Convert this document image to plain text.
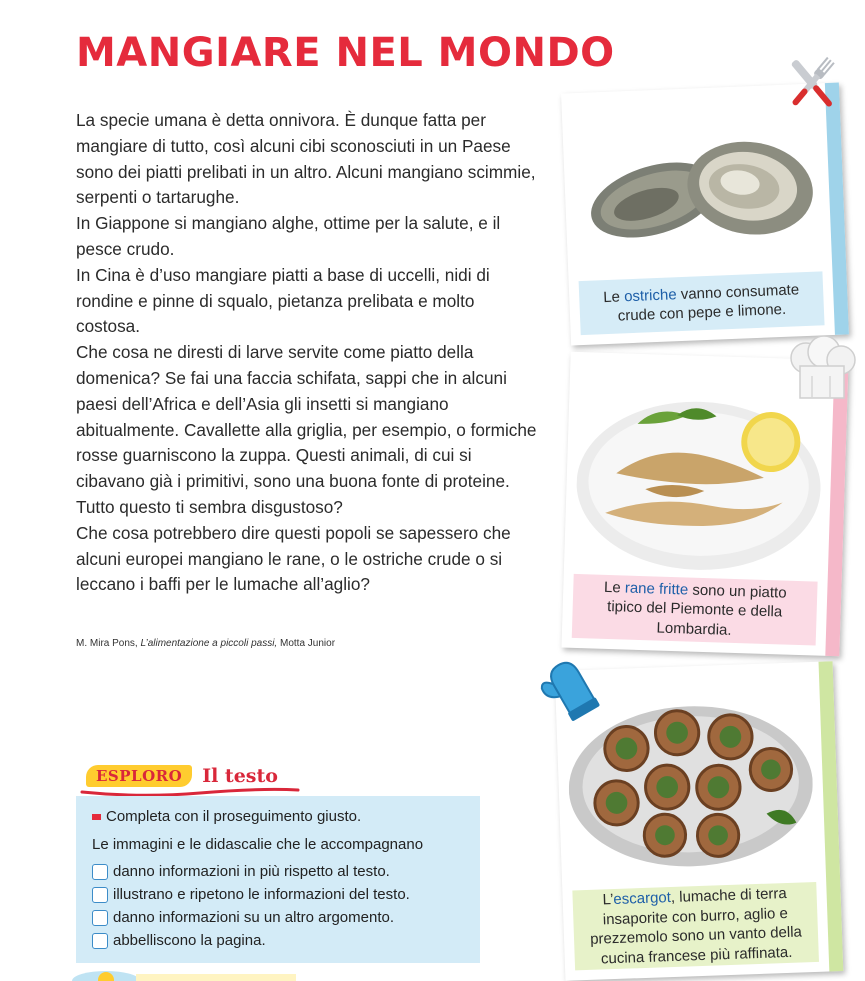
MANGIARE NEL MONDO

La specie umana è detta onnivora. È dunque fatta per mangiare di tutto, così alcuni cibi sconosciuti in un Paese sono dei piatti prelibati in un altro. Alcuni mangiano scimmie, serpenti o tartarughe.

In Giappone si mangiano alghe, ottime per la salute, e il pesce crudo.

In Cina è d’uso mangiare piatti a base di uccelli, nidi di rondine e pinne di squalo, pietanza prelibata e molto costosa.

Che cosa ne diresti di larve servite come piatto della domenica? Se fai una faccia schifata, sappi che in alcuni paesi dell’Africa e dell’Asia gli insetti si mangiano abitualmente. Cavallette alla griglia, per esempio, o formiche rosse guarniscono la zuppa. Questi animali, di cui si cibavano già i primitivi, sono una buona fonte di proteine.

Tutto questo ti sembra disgustoso?

Che cosa potrebbero dire questi popoli se sapessero che alcuni europei mangiano le rane, o le ostriche crude o si leccano i baffi per le lumache all’aglio?

M. Mira Pons, L’alimentazione a piccoli passi, Motta Junior
Le ostriche vanno consumate crude con pepe e limone.
Le rane fritte sono un piatto tipico del Piemonte e della Lombardia.
L’escargot, lumache di terra insaporite con burro, aglio e prezzemolo sono un vanto della cucina francese più raffinata.
ESPLORO	Il testo
Completa con il proseguimento giusto.
Le immagini e le didascalie che le accompagnano
danno informazioni in più rispetto al testo.
illustrano e ripetono le informazioni del testo.
danno informazioni su un altro argomento.
abbelliscono la pagina.
